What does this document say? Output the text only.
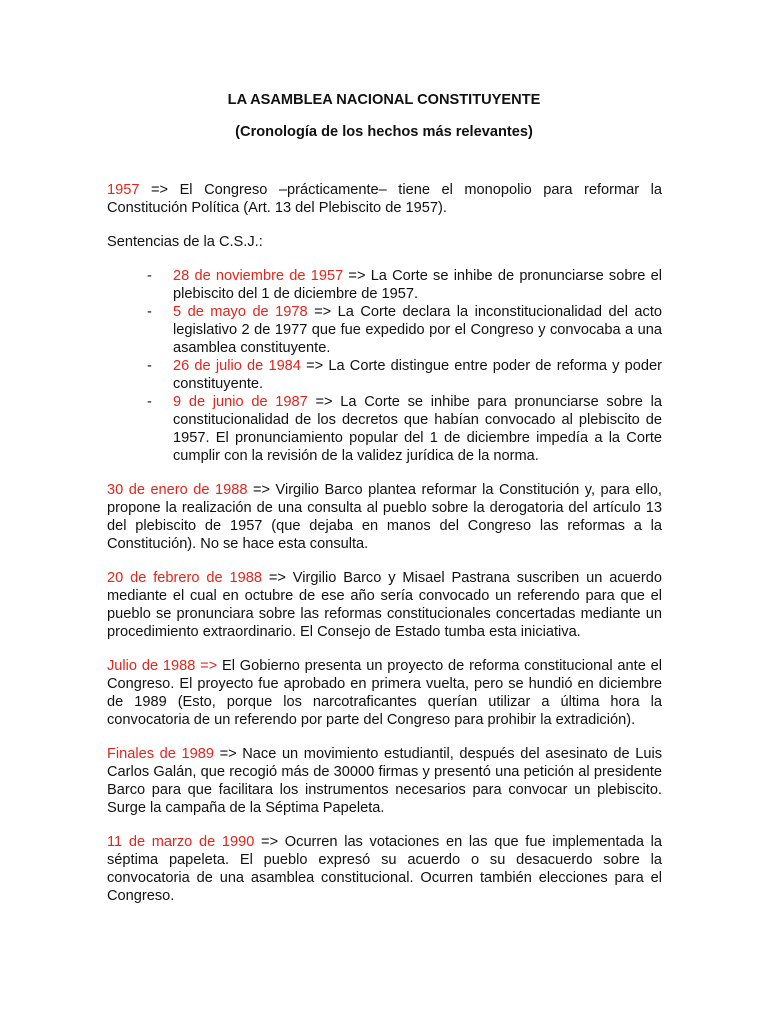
LA ASAMBLEA NACIONAL CONSTITUYENTE
(Cronología de los hechos más relevantes)

1957 => El Congreso –prácticamente– tiene el monopolio para reformar la Constitución Política (Art. 13 del Plebiscito de 1957).

Sentencias de la C.S.J.:

- 28 de noviembre de 1957 => La Corte se inhibe de pronunciarse sobre el plebiscito del 1 de diciembre de 1957.
- 5 de mayo de 1978 => La Corte declara la inconstitucionalidad del acto legislativo 2 de 1977 que fue expedido por el Congreso y convocaba a una asamblea constituyente.
- 26 de julio de 1984 => La Corte distingue entre poder de reforma y poder constituyente.
- 9 de junio de 1987 => La Corte se inhibe para pronunciarse sobre la constitucionalidad de los decretos que habían convocado al plebiscito de 1957. El pronunciamiento popular del 1 de diciembre impedía a la Corte cumplir con la revisión de la validez jurídica de la norma.

30 de enero de 1988 => Virgilio Barco plantea reformar la Constitución y, para ello, propone la realización de una consulta al pueblo sobre la derogatoria del artículo 13 del plebiscito de 1957 (que dejaba en manos del Congreso las reformas a la Constitución). No se hace esta consulta.

20 de febrero de 1988 => Virgilio Barco y Misael Pastrana suscriben un acuerdo mediante el cual en octubre de ese año sería convocado un referendo para que el pueblo se pronunciara sobre las reformas constitucionales concertadas mediante un procedimiento extraordinario. El Consejo de Estado tumba esta iniciativa.

Julio de 1988 => El Gobierno presenta un proyecto de reforma constitucional ante el Congreso. El proyecto fue aprobado en primera vuelta, pero se hundió en diciembre de 1989 (Esto, porque los narcotraficantes querían utilizar a última hora la convocatoria de un referendo por parte del Congreso para prohibir la extradición).

Finales de 1989 => Nace un movimiento estudiantil, después del asesinato de Luis Carlos Galán, que recogió más de 30000 firmas y presentó una petición al presidente Barco para que facilitara los instrumentos necesarios para convocar un plebiscito. Surge la campaña de la Séptima Papeleta.

11 de marzo de 1990 => Ocurren las votaciones en las que fue implementada la séptima papeleta. El pueblo expresó su acuerdo o su desacuerdo sobre la convocatoria de una asamblea constitucional. Ocurren también elecciones para el Congreso.
